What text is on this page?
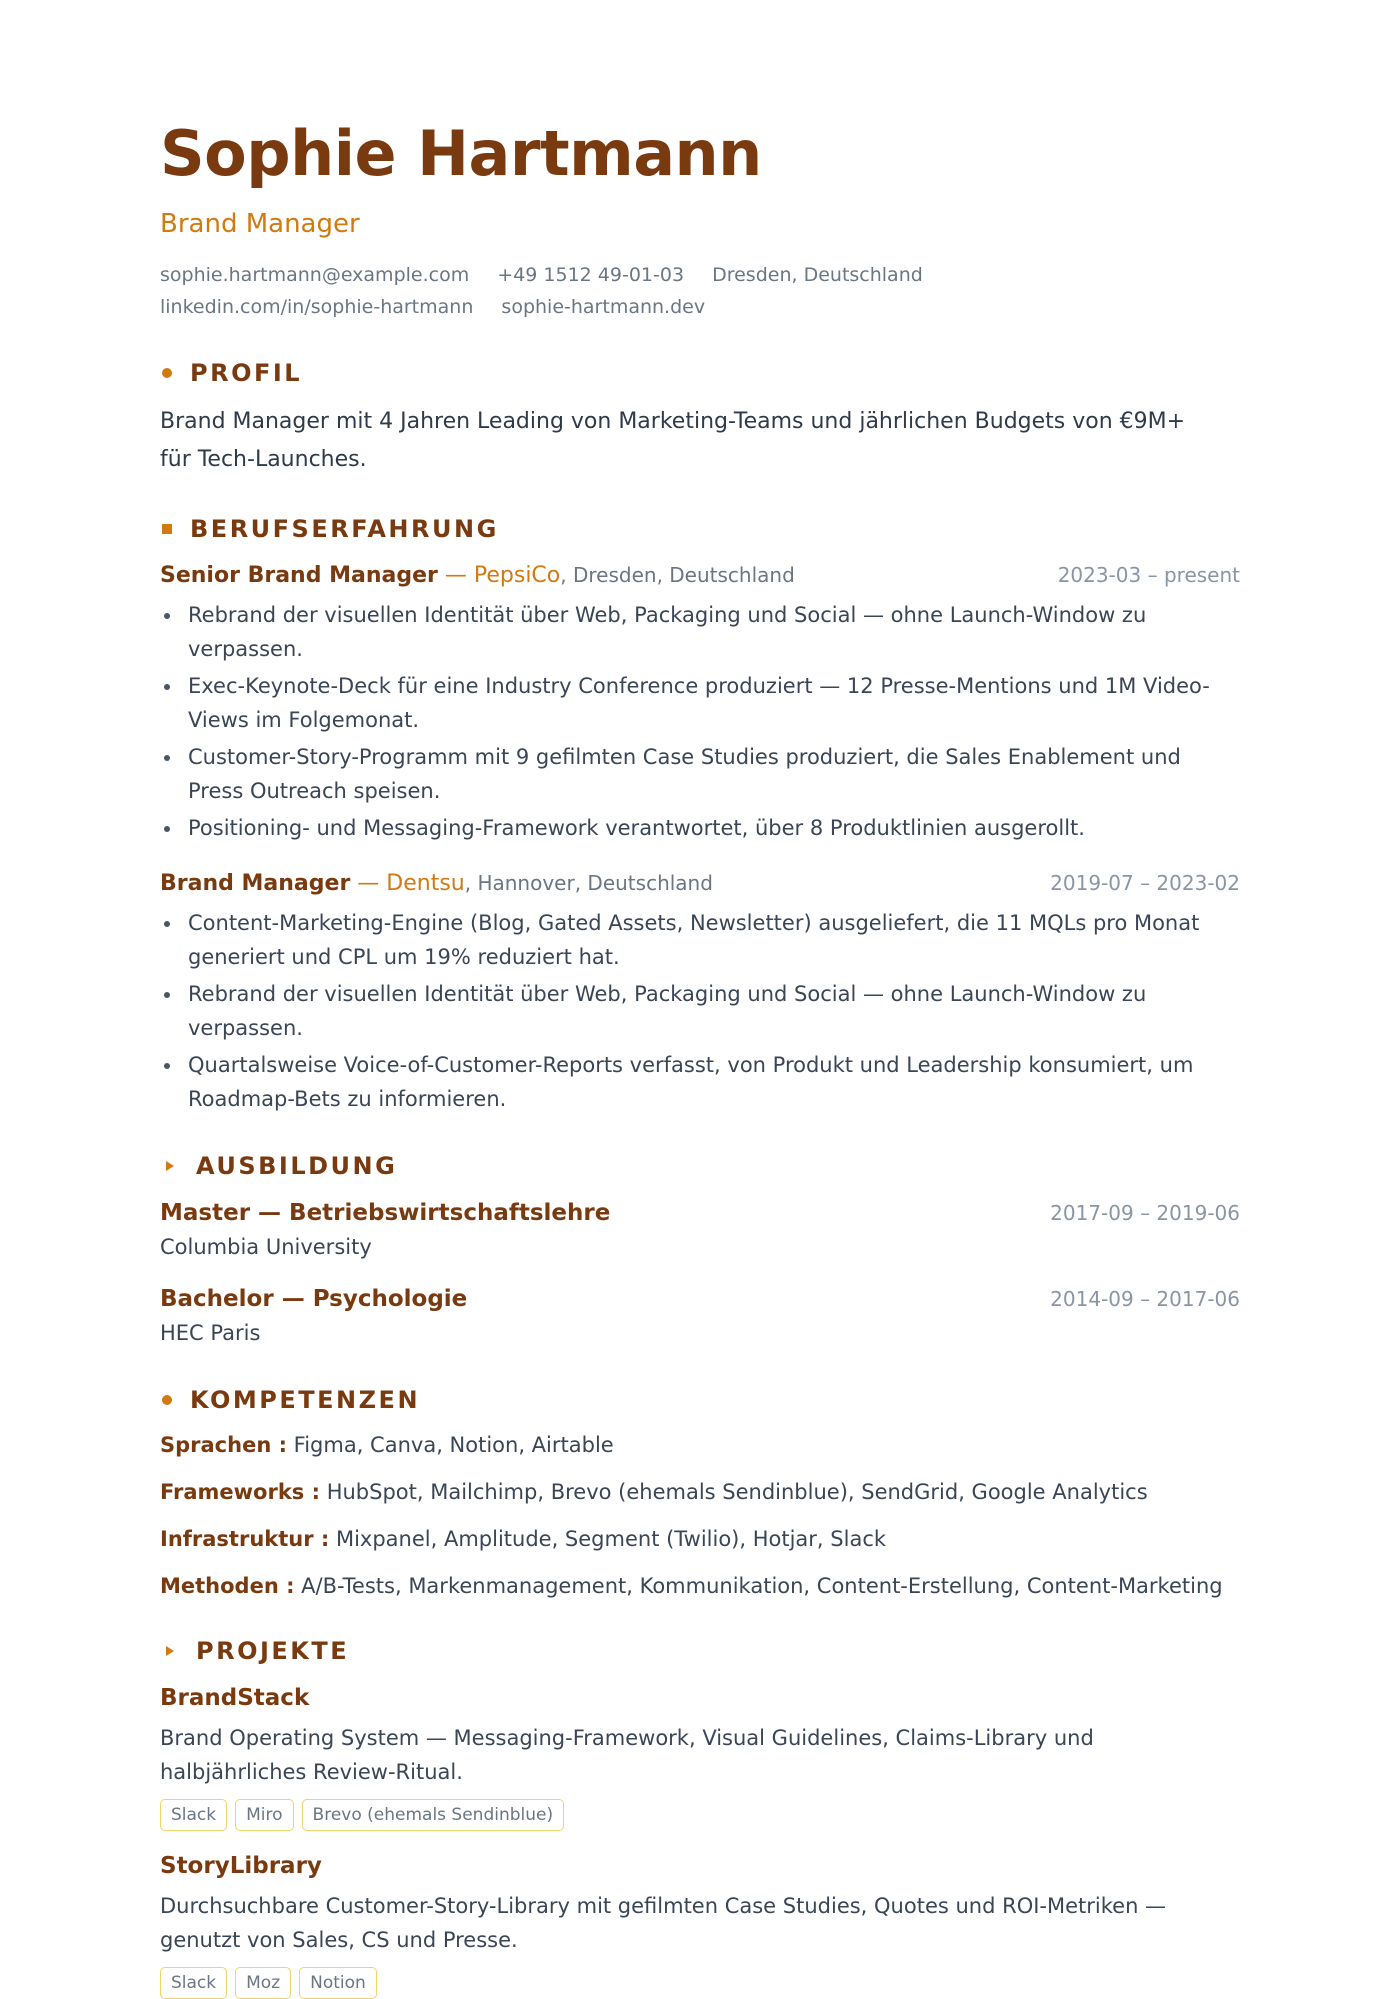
Sophie Hartmann
Brand Manager
sophie.hartmann@example.com +49 1512 49-01-03 Dresden, Deutschland linkedin.com/in/sophie-hartmann sophie-hartmann.dev
PROFIL
Brand Manager mit 4 Jahren Leading von Marketing-Teams und jährlichen Budgets von €9M+ für Tech-Launches.
BERUFSERFAHRUNG
Senior Brand Manager — PepsiCo, Dresden, Deutschland	2023-03 – present
Rebrand der visuellen Identität über Web, Packaging und Social — ohne Launch-Window zu verpassen.
Exec-Keynote-Deck für eine Industry Conference produziert — 12 Presse-Mentions und 1M Video-Views im Folgemonat.
Customer-Story-Programm mit 9 gefilmten Case Studies produziert, die Sales Enablement und Press Outreach speisen.
Positioning- und Messaging-Framework verantwortet, über 8 Produktlinien ausgerollt.
Brand Manager — Dentsu, Hannover, Deutschland	2019-07 – 2023-02
Content-Marketing-Engine (Blog, Gated Assets, Newsletter) ausgeliefert, die 11 MQLs pro Monat generiert und CPL um 19% reduziert hat.
Rebrand der visuellen Identität über Web, Packaging und Social — ohne Launch-Window zu verpassen.
Quartalsweise Voice-of-Customer-Reports verfasst, von Produkt und Leadership konsumiert, um Roadmap-Bets zu informieren.
AUSBILDUNG
Master — Betriebswirtschaftslehre	2017-09 – 2019-06
Columbia University
Bachelor — Psychologie	2014-09 – 2017-06
HEC Paris
KOMPETENZEN
Sprachen : Figma, Canva, Notion, Airtable
Frameworks : HubSpot, Mailchimp, Brevo (ehemals Sendinblue), SendGrid, Google Analytics
Infrastruktur : Mixpanel, Amplitude, Segment (Twilio), Hotjar, Slack
Methoden : A/B-Tests, Markenmanagement, Kommunikation, Content-Erstellung, Content-Marketing
PROJEKTE
BrandStack
Brand Operating System — Messaging-Framework, Visual Guidelines, Claims-Library und halbjährliches Review-Ritual.
Slack	Miro	Brevo (ehemals Sendinblue)
StoryLibrary
Durchsuchbare Customer-Story-Library mit gefilmten Case Studies, Quotes und ROI-Metriken — genutzt von Sales, CS und Presse.
Slack	Moz	Notion
